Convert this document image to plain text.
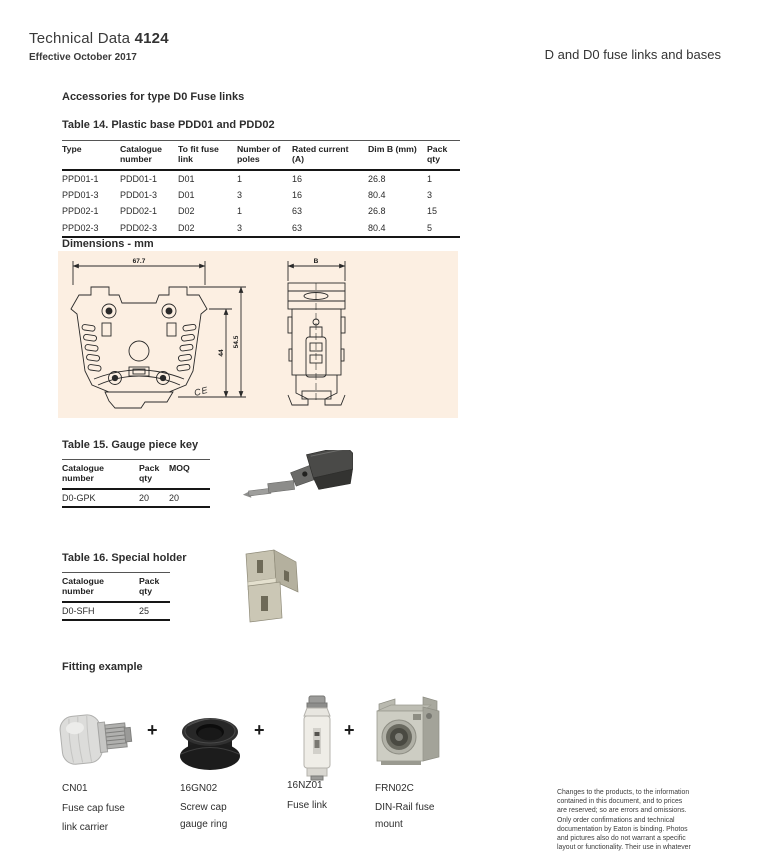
Technical Data 4124
Effective October 2017	D and D0 fuse links and bases
Accessories for type D0 Fuse links
Table 14. Plastic base PDD01 and PDD02
Type	Catalogue number	To fit fuse link	Number of poles	Rated current (A)	Dim B (mm)	Pack qty
PPD01-1	PDD01-1	D01	1	16	26.8	1
PPD01-3	PDD01-3	D01	3	16	80.4	3
PPD02-1	PDD02-1	D02	1	63	26.8	15
PPD02-3	PDD02-3	D02	3	63	80.4	5
Dimensions - mm
67.7
44
54.5
B
CE
Table 15. Gauge piece key
Catalogue number	Pack qty	MOQ
D0-GPK	20	20
Table 16. Special holder
Catalogue number	Pack qty
D0-SFH	25
Fitting example
+	+	+
CN01
Fuse cap fuse link carrier
16GN02
Screw cap gauge ring
16NZ01
Fuse link
FRN02C
DIN-Rail fuse mount
Changes to the products, to the information
contained in this document, and to prices
are reserved; so are errors and omissions.
Only order confirmations and technical
documentation by Eaton is binding. Photos
and pictures also do not warrant a specific
layout or functionality. Their use in whatever
